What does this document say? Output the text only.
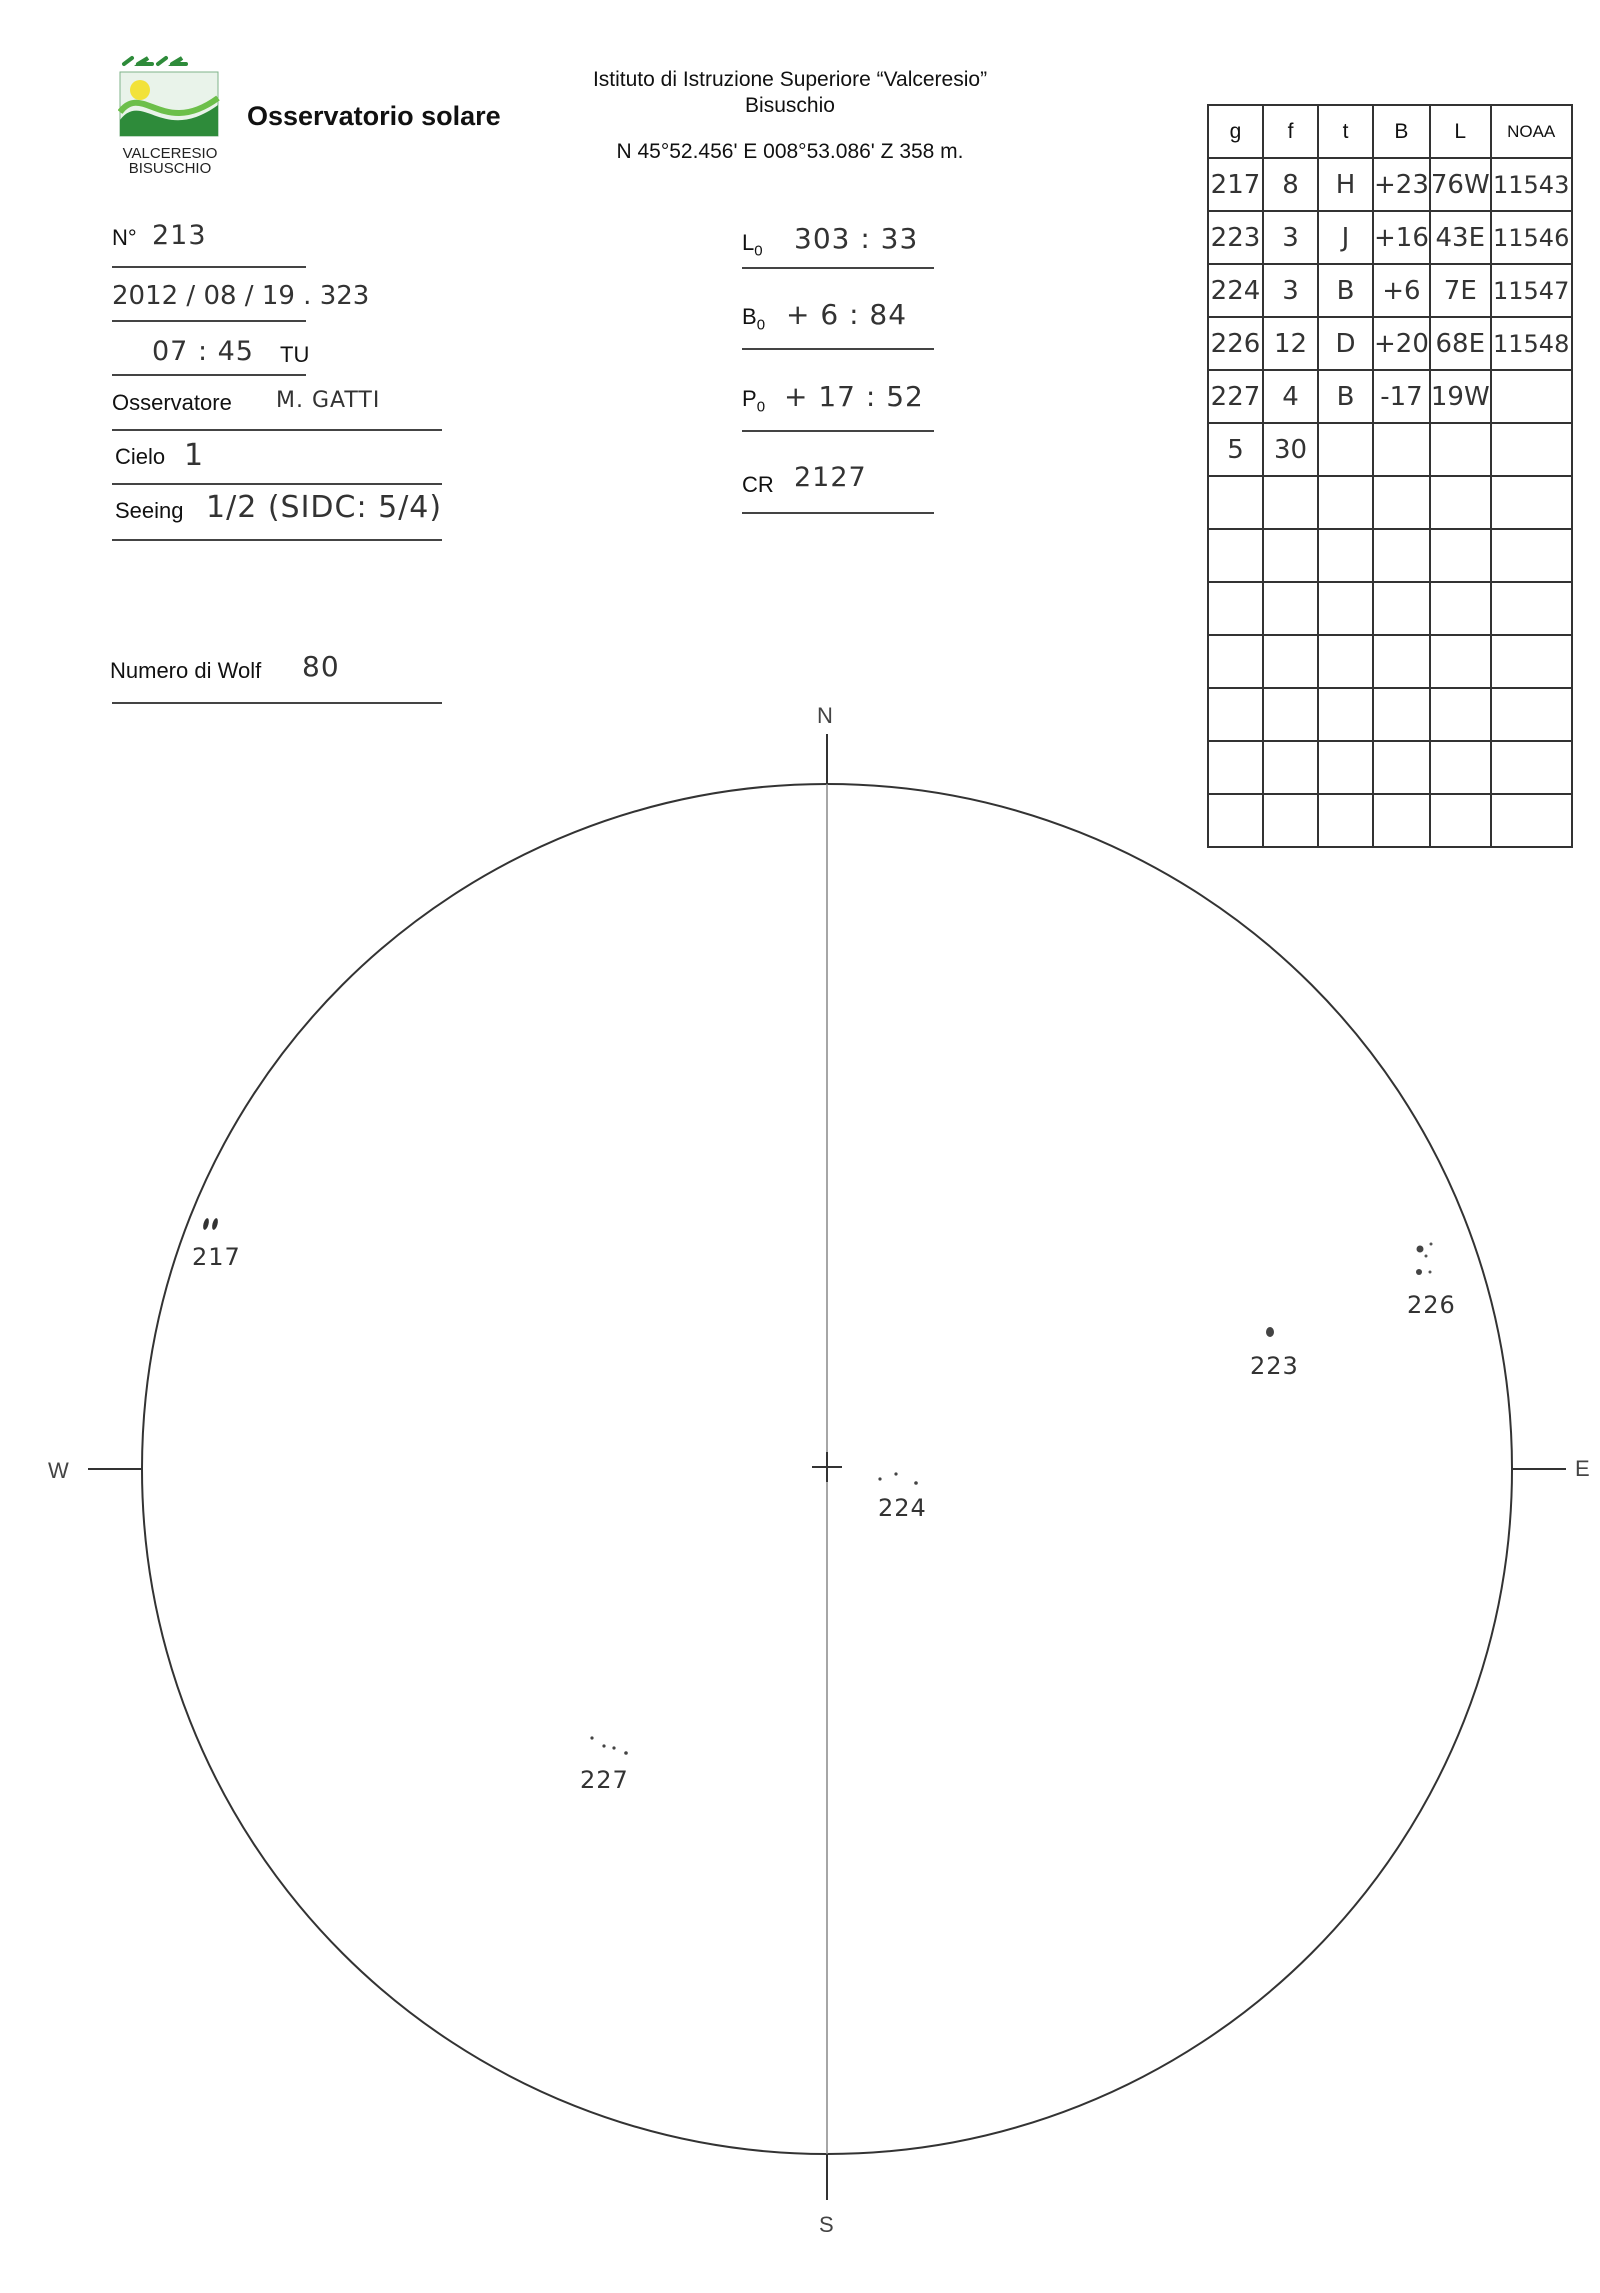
VALCERESIO
BISUSCHIO
Osservatorio solare
Istituto di Istruzione Superiore “Valceresio”
Bisuschio
N 45°52.456' E 008°53.086' Z 358 m.
N° 213
2012 / 08 / 19 . 323
07 : 45 TU
Osservatore M. GATTI
Cielo 1
Seeing 1/2 (SIDC: 5/4)
Numero di Wolf 80
$L_0$ 303 : 33
$B_0 + 6$ : 84
$P_0 + 17$ : 52
CR 2127
g	f	t	B	L	NOAA
217	8	H	+23	76W	11543
223	3	J	+16	43E	11546
224	3	B	+6	7E	11547
226	12	D	+20	68E	11548
227	4	B	-17	19W	
5	30				

N
S
W	E
217
223
224
226
227
